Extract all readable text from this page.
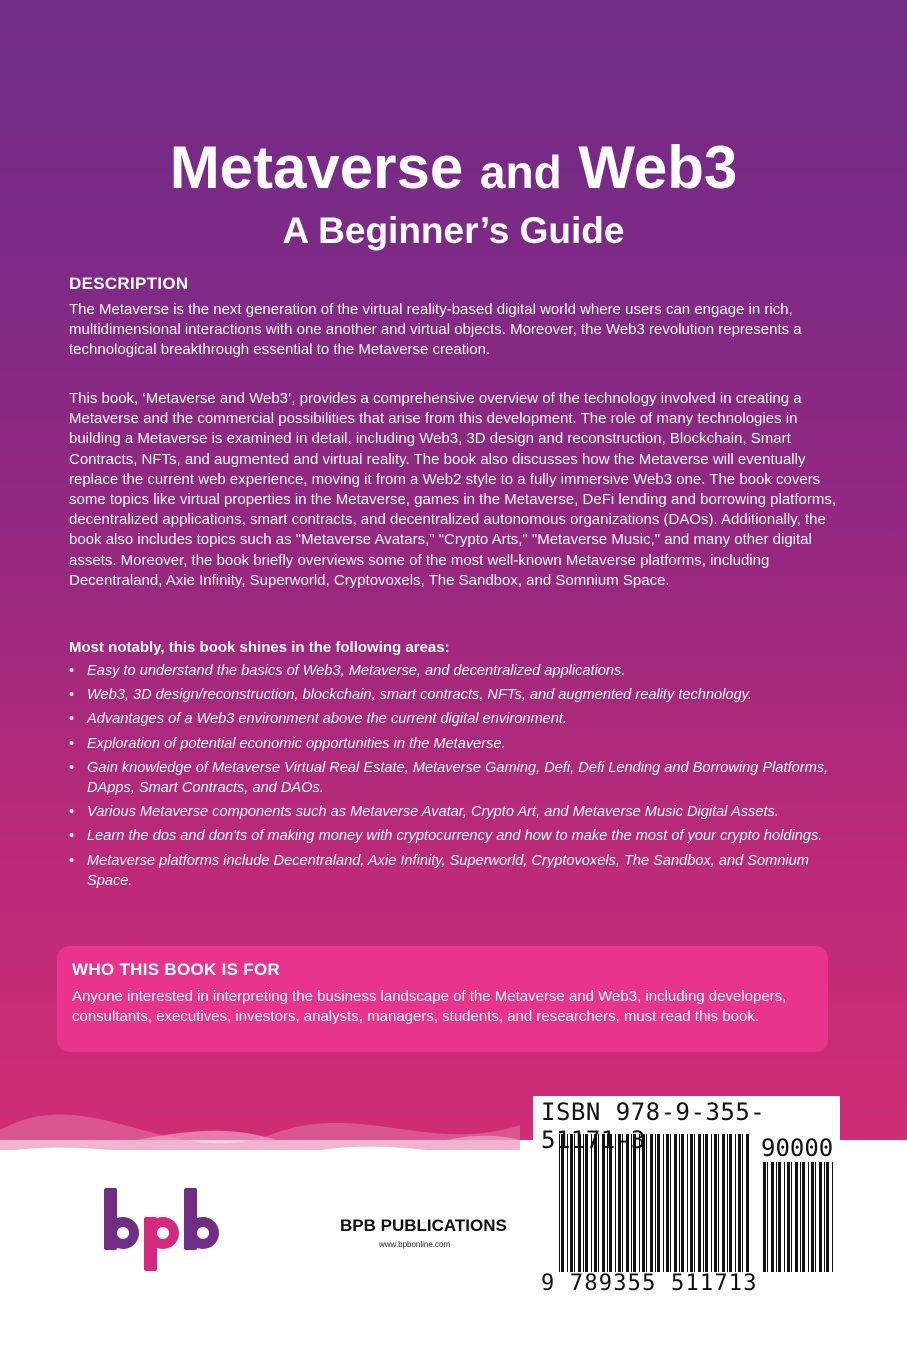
Metaverse and Web3
A Beginner’s Guide
DESCRIPTION
The Metaverse is the next generation of the virtual reality-based digital world where users can engage in rich, multidimensional interactions with one another and virtual objects. Moreover, the Web3 revolution represents a technological breakthrough essential to the Metaverse creation.
This book, ‘Metaverse and Web3’, provides a comprehensive overview of the technology involved in creating a Metaverse and the commercial possibilities that arise from this development. The role of many technologies in building a Metaverse is examined in detail, including Web3, 3D design and reconstruction, Blockchain, Smart Contracts, NFTs, and augmented and virtual reality. The book also discusses how the Metaverse will eventually replace the current web experience, moving it from a Web2 style to a fully immersive Web3 one. The book covers some topics like virtual properties in the Metaverse, games in the Metaverse, DeFi lending and borrowing platforms, decentralized applications, smart contracts, and decentralized autonomous organizations (DAOs). Additionally, the book also includes topics such as "Metaverse Avatars," "Crypto Arts," "Metaverse Music," and many other digital assets. Moreover, the book briefly overviews some of the most well-known Metaverse platforms, including Decentraland, Axie Infinity, Superworld, Cryptovoxels, The Sandbox, and Somnium Space.
Most notably, this book shines in the following areas:
• Easy to understand the basics of Web3, Metaverse, and decentralized applications.
• Web3, 3D design/reconstruction, blockchain, smart contracts, NFTs, and augmented reality technology.
• Advantages of a Web3 environment above the current digital environment.
• Exploration of potential economic opportunities in the Metaverse.
• Gain knowledge of Metaverse Virtual Real Estate, Metaverse Gaming, Defi, Defi Lending and Borrowing Platforms, DApps, Smart Contracts, and DAOs.
• Various Metaverse components such as Metaverse Avatar, Crypto Art, and Metaverse Music Digital Assets.
• Learn the dos and don'ts of making money with cryptocurrency and how to make the most of your crypto holdings.
• Metaverse platforms include Decentraland, Axie Infinity, Superworld, Cryptovoxels, The Sandbox, and Somnium Space.
WHO THIS BOOK IS FOR
Anyone interested in interpreting the business landscape of the Metaverse and Web3, including developers, consultants, executives, investors, analysts, managers, students, and researchers, must read this book.
ISBN 978-9-355-51171-3	90000
9 789355 511713
BPB PUBLICATIONS
www.bpbonline.com
